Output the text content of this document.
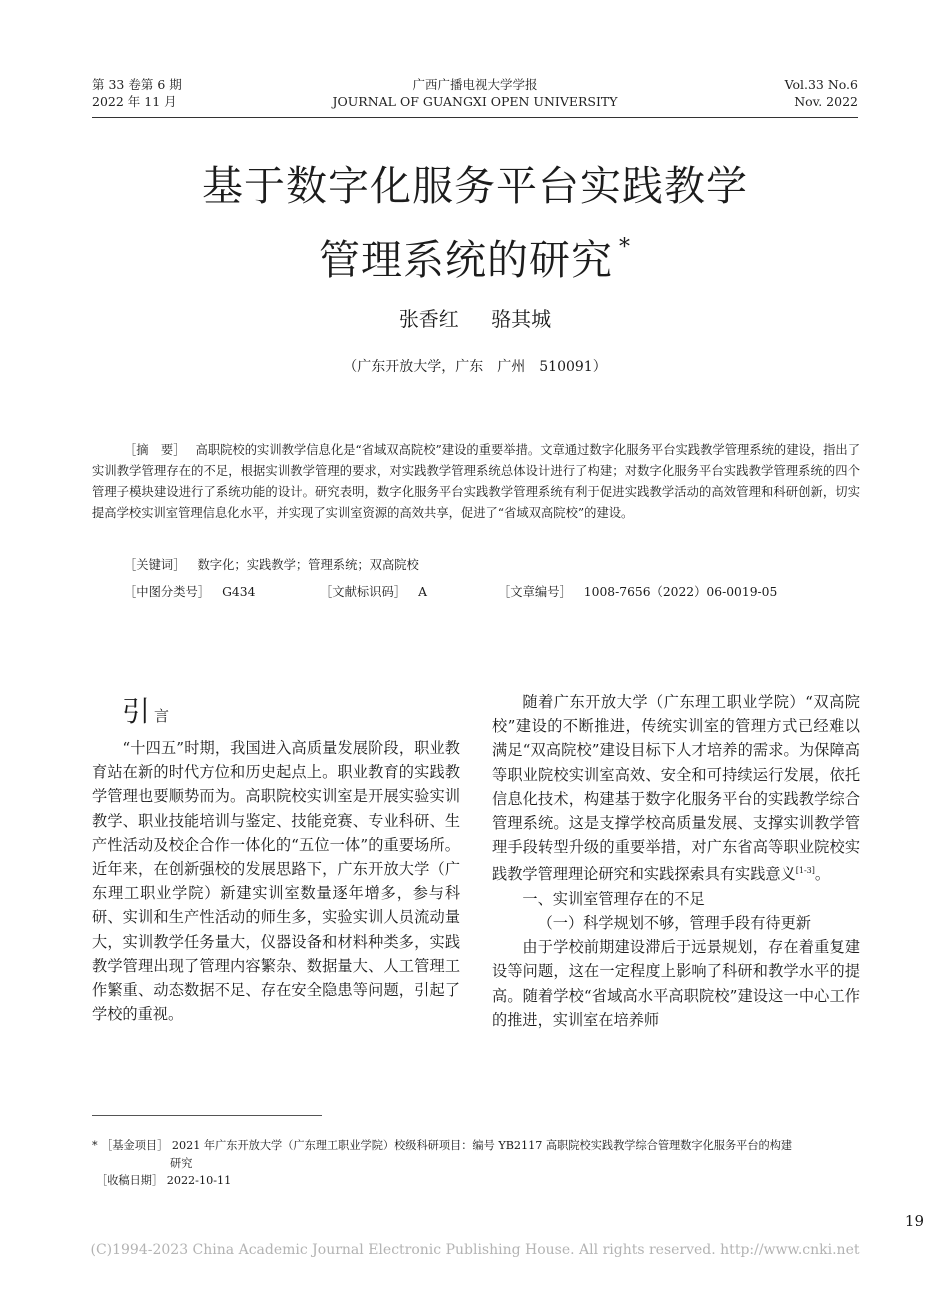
第 33 卷第 6 期
2022 年 11 月
广西广播电视大学学报
JOURNAL OF GUANGXI OPEN UNIVERSITY
Vol.33 No.6
Nov. 2022
基于数字化服务平台实践教学
管理系统的研究 *
张香红 骆其城
（广东开放大学，广东　广州　510091）
［摘　要］ 高职院校的实训教学信息化是“省域双高院校”建设的重要举措。文章通过数字化服务平台实践教学管理系统的建设，指出了实训教学管理存在的不足，根据实训教学管理的要求，对实践教学管理系统总体设计进行了构建；对数字化服务平台实践教学管理系统的四个管理子模块建设进行了系统功能的设计。研究表明，数字化服务平台实践教学管理系统有利于促进实践教学活动的高效管理和科研创新，切实提高学校实训室管理信息化水平，并实现了实训室资源的高效共享，促进了“省域双高院校”的建设。
［关键词］ 数字化；实践教学；管理系统；双高院校
［中图分类号］ G434	［文献标识码］ A	［文章编号］ 1008-7656（2022）06-0019-05
引言

“十四五”时期，我国进入高质量发展阶段，职业教育站在新的时代方位和历史起点上。职业教育的实践教学管理也要顺势而为。高职院校实训室是开展实验实训教学、职业技能培训与鉴定、技能竞赛、专业科研、生产性活动及校企合作一体化的“五位一体”的重要场所。近年来，在创新强校的发展思路下，广东开放大学（广东理工职业学院）新建实训室数量逐年增多，参与科研、实训和生产性活动的师生多，实验实训人员流动量大，实训教学任务量大，仪器设备和材料种类多，实践教学管理出现了管理内容繁杂、数据量大、人工管理工作繁重、动态数据不足、存在安全隐患等问题，引起了学校的重视。

随着广东开放大学（广东理工职业学院）“双高院校”建设的不断推进，传统实训室的管理方式已经难以满足“双高院校”建设目标下人才培养的需求。为保障高等职业院校实训室高效、安全和可持续运行发展，依托信息化技术，构建基于数字化服务平台的实践教学综合管理系统。这是支撑学校高质量发展、支撑实训教学管理手段转型升级的重要举措，对广东省高等职业院校实践教学管理理论研究和实践探索具有实践意义[1-3]。

一、实训室管理存在的不足
（一）科学规划不够，管理手段有待更新

由于学校前期建设滞后于远景规划，存在着重复建设等问题，这在一定程度上影响了科研和教学水平的提高。随着学校“省域高水平高职院校”建设这一中心工作的推进，实训室在培养师

* ［基金项目］ 2021 年广东开放大学（广东理工职业学院）校级科研项目：编号 YB2117 高职院校实践教学综合管理数字化服务平台的构建
研究
［收稿日期］ 2022-10-11
19
(C)1994-2023 China Academic Journal Electronic Publishing House. All rights reserved. http://www.cnki.net
